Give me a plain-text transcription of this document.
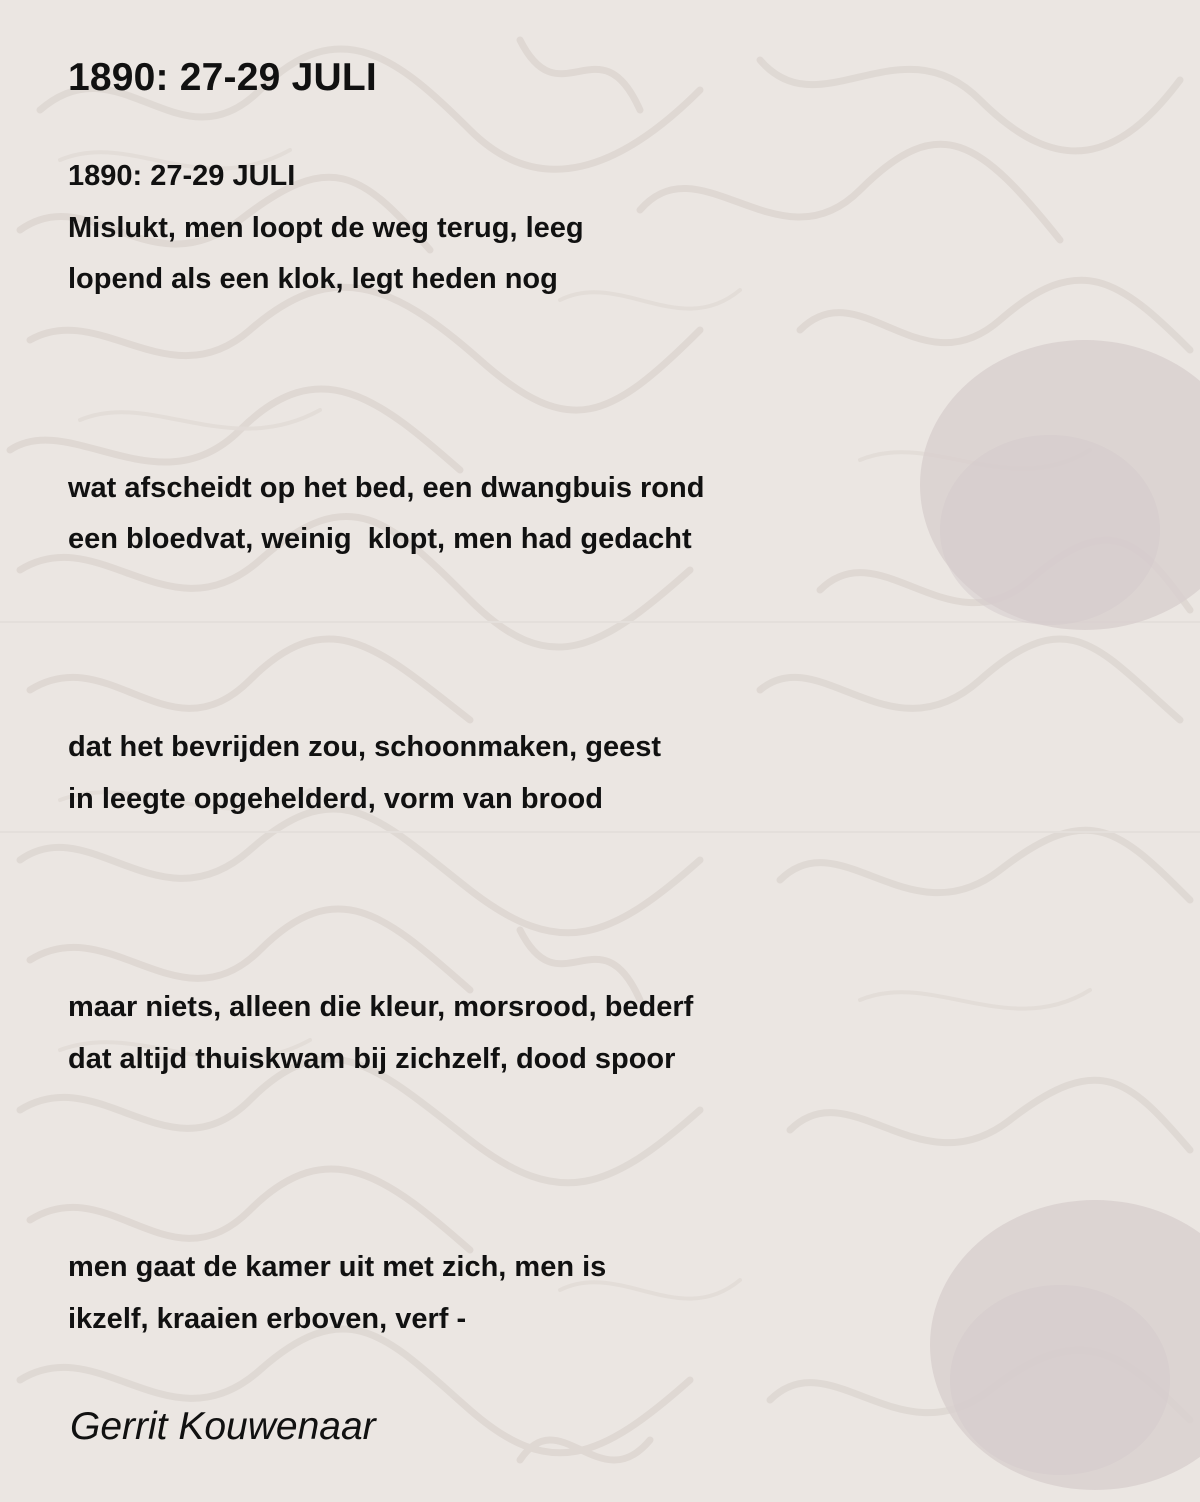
1890: 27-29 JULI

1890: 27-29 JULI

Mislukt, men loopt de weg terug, leeg

lopend als een klok, legt heden nog

wat afscheidt op het bed, een dwangbuis rond

een bloedvat, weinig  klopt, men had gedacht

dat het bevrijden zou, schoonmaken, geest

in leegte opgehelderd, vorm van brood

maar niets, alleen die kleur, morsrood, bederf

dat altijd thuiskwam bij zichzelf, dood spoor

men gaat de kamer uit met zich, men is

ikzelf, kraaien erboven, verf -

Gerrit Kouwenaar
